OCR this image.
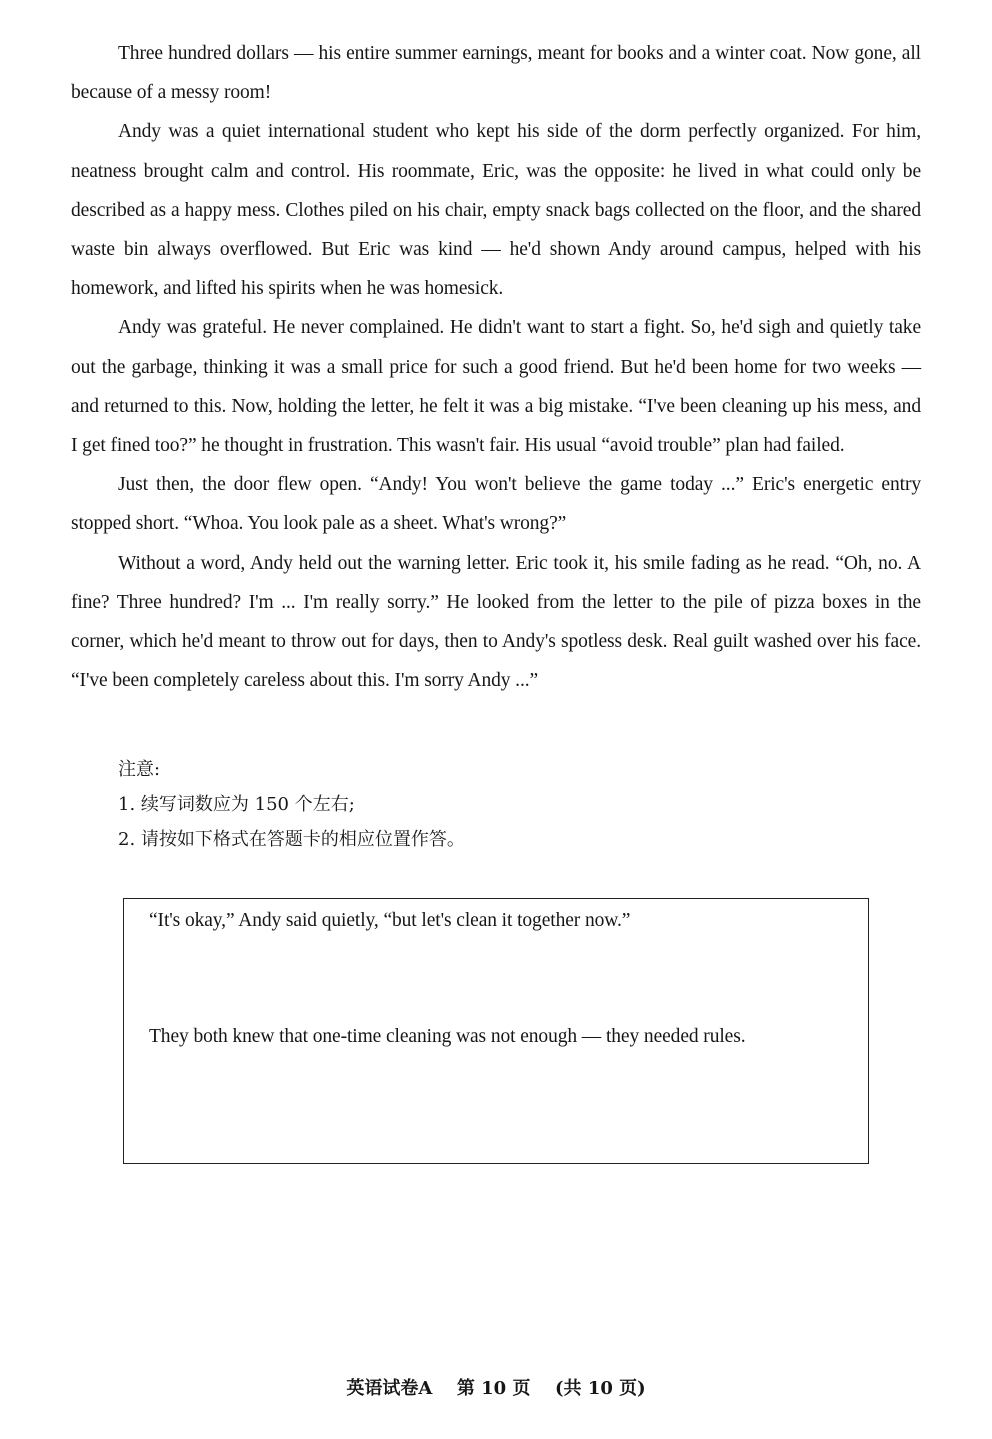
Three hundred dollars — his entire summer earnings, meant for books and a winter coat. Now gone, all because of a messy room!

Andy was a quiet international student who kept his side of the dorm perfectly organized. For him, neatness brought calm and control. His roommate, Eric, was the opposite: he lived in what could only be described as a happy mess. Clothes piled on his chair, empty snack bags collected on the floor, and the shared waste bin always overflowed. But Eric was kind — he'd shown Andy around campus, helped with his homework, and lifted his spirits when he was homesick.

Andy was grateful. He never complained. He didn't want to start a fight. So, he'd sigh and quietly take out the garbage, thinking it was a small price for such a good friend. But he'd been home for two weeks — and returned to this. Now, holding the letter, he felt it was a big mistake. “I've been cleaning up his mess, and I get fined too?” he thought in frustration. This wasn't fair. His usual “avoid trouble” plan had failed.

Just then, the door flew open. “Andy! You won't believe the game today ...” Eric's energetic entry stopped short. “Whoa. You look pale as a sheet. What's wrong?”

Without a word, Andy held out the warning letter. Eric took it, his smile fading as he read. “Oh, no. A fine? Three hundred? I'm ... I'm really sorry.” He looked from the letter to the pile of pizza boxes in the corner, which he'd meant to throw out for days, then to Andy's spotless desk. Real guilt washed over his face. “I've been completely careless about this. I'm sorry Andy ...”

注意:
1. 续写词数应为 150 个左右;
2. 请按如下格式在答题卡的相应位置作答。
“It's okay,” Andy said quietly, “but let's clean it together now.”
They both knew that one-time cleaning was not enough — they needed rules.
英语试卷A 第 10 页 (共 10 页)
